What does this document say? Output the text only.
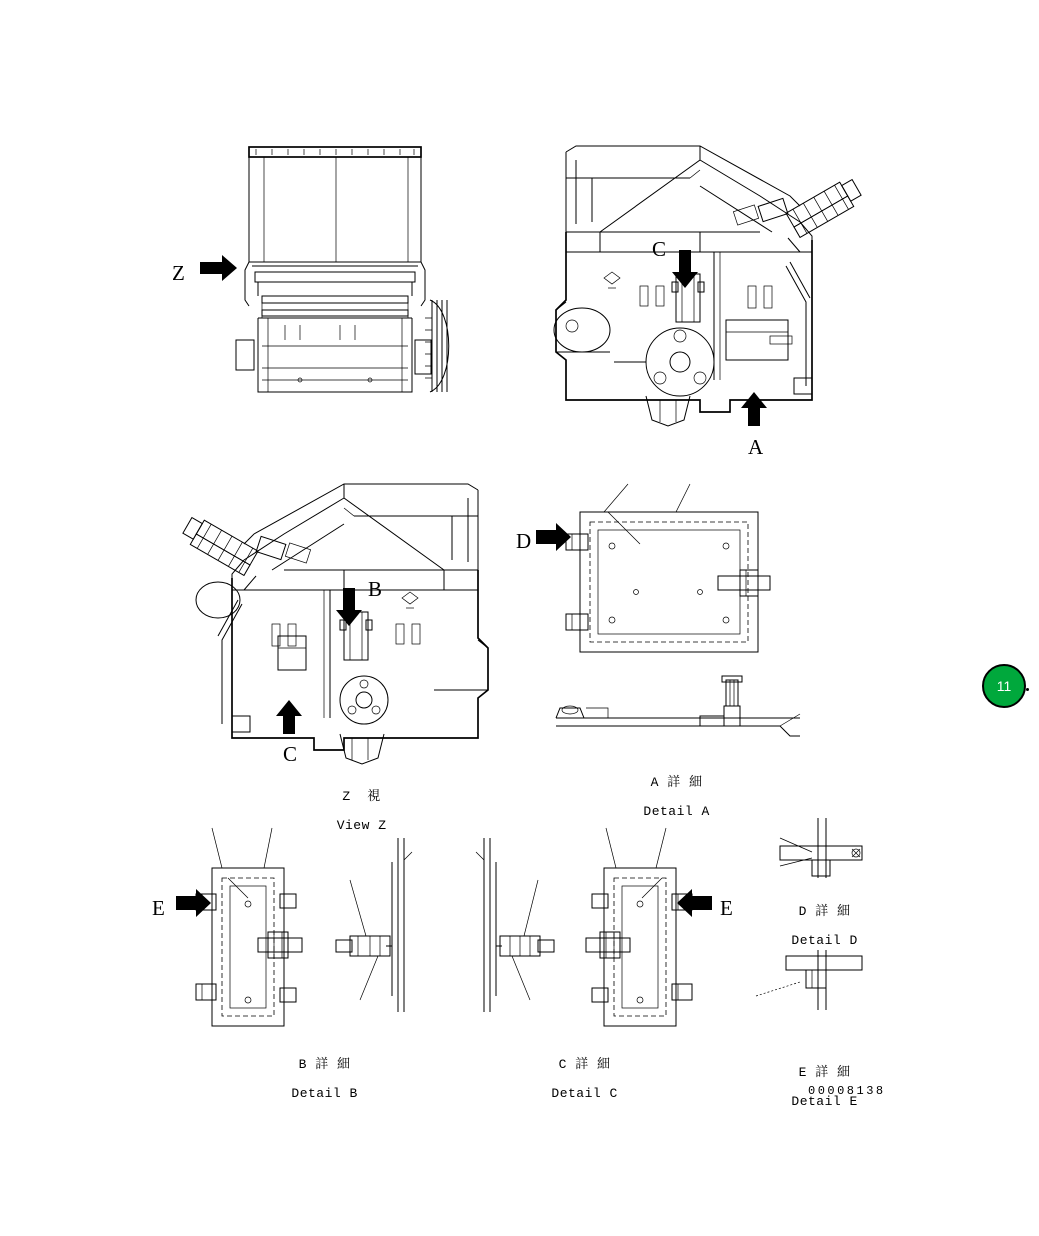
Z
C
A
B
C
D
E	E

Z  視

View Z

A 詳 細

Detail A

B 詳 細

Detail B

C 詳 細

Detail C

D 詳 細

Detail D

E 詳 細

Detail E

00008138
11
